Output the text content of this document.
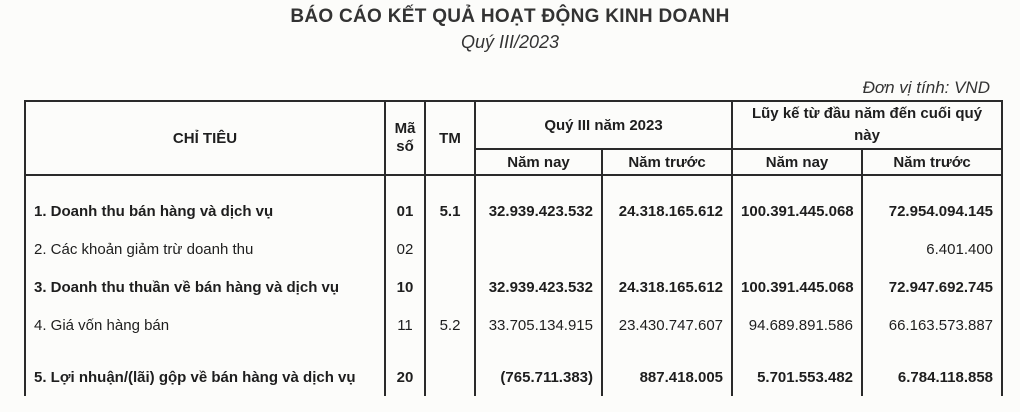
BÁO CÁO KẾT QUẢ HOẠT ĐỘNG KINH DOANH
Quý III/2023
Đơn vị tính: VND
CHỈ TIÊU	Mã số	TM	Quý III năm 2023		Lũy kế từ đầu năm đến cuối quý này	
			Năm nay	Năm trước	Năm nay	Năm trước
1. Doanh thu bán hàng và dịch vụ	01	5.1	32.939.423.532	24.318.165.612	100.391.445.068	72.954.094.145
2. Các khoản giảm trừ doanh thu	02					6.401.400
3. Doanh thu thuần về bán hàng và dịch vụ	10		32.939.423.532	24.318.165.612	100.391.445.068	72.947.692.745
4. Giá vốn hàng bán	11	5.2	33.705.134.915	23.430.747.607	94.689.891.586	66.163.573.887
5. Lợi nhuận/(lãi) gộp về bán hàng và dịch vụ	20		(765.711.383)	887.418.005	5.701.553.482	6.784.118.858
